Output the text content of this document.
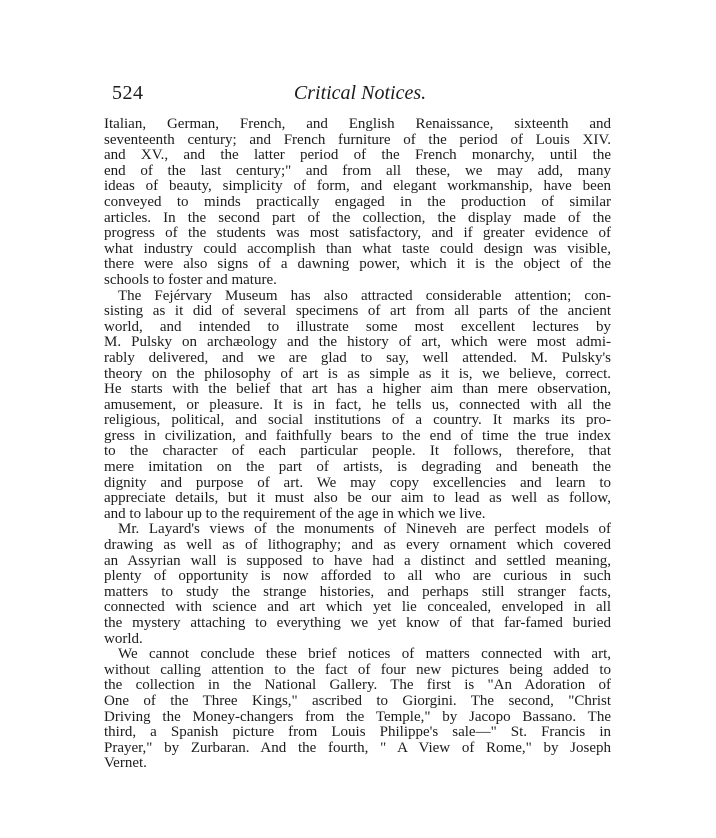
524	Critical Notices.

Italian, German, French, and English Renaissance, sixteenth and
seventeenth century; and French furniture of the period of Louis XIV.
and XV., and the latter period of the French monarchy, until the
end of the last century;" and from all these, we may add, many
ideas of beauty, simplicity of form, and elegant workmanship, have been
conveyed to minds practically engaged in the production of similar
articles. In the second part of the collection, the display made of the
progress of the students was most satisfactory, and if greater evidence of
what industry could accomplish than what taste could design was visible,
there were also signs of a dawning power, which it is the object of the
schools to foster and mature.

The Fejérvary Museum has also attracted considerable attention; con-
sisting as it did of several specimens of art from all parts of the ancient
world, and intended to illustrate some most excellent lectures by
M. Pulsky on archæology and the history of art, which were most admi-
rably delivered, and we are glad to say, well attended. M. Pulsky's
theory on the philosophy of art is as simple as it is, we believe, correct.
He starts with the belief that art has a higher aim than mere observation,
amusement, or pleasure. It is in fact, he tells us, connected with all the
religious, political, and social institutions of a country. It marks its pro-
gress in civilization, and faithfully bears to the end of time the true index
to the character of each particular people. It follows, therefore, that
mere imitation on the part of artists, is degrading and beneath the
dignity and purpose of art. We may copy excellencies and learn to
appreciate details, but it must also be our aim to lead as well as follow,
and to labour up to the requirement of the age in which we live.

Mr. Layard's views of the monuments of Nineveh are perfect models of
drawing as well as of lithography; and as every ornament which covered
an Assyrian wall is supposed to have had a distinct and settled meaning,
plenty of opportunity is now afforded to all who are curious in such
matters to study the strange histories, and perhaps still stranger facts,
connected with science and art which yet lie concealed, enveloped in all
the mystery attaching to everything we yet know of that far-famed buried
world.

We cannot conclude these brief notices of matters connected with art,
without calling attention to the fact of four new pictures being added to
the collection in the National Gallery. The first is "An Adoration of
One of the Three Kings," ascribed to Giorgini. The second, "Christ
Driving the Money-changers from the Temple," by Jacopo Bassano. The
third, a Spanish picture from Louis Philippe's sale—" St. Francis in
Prayer," by Zurbaran. And the fourth, " A View of Rome," by Joseph
Vernet.
